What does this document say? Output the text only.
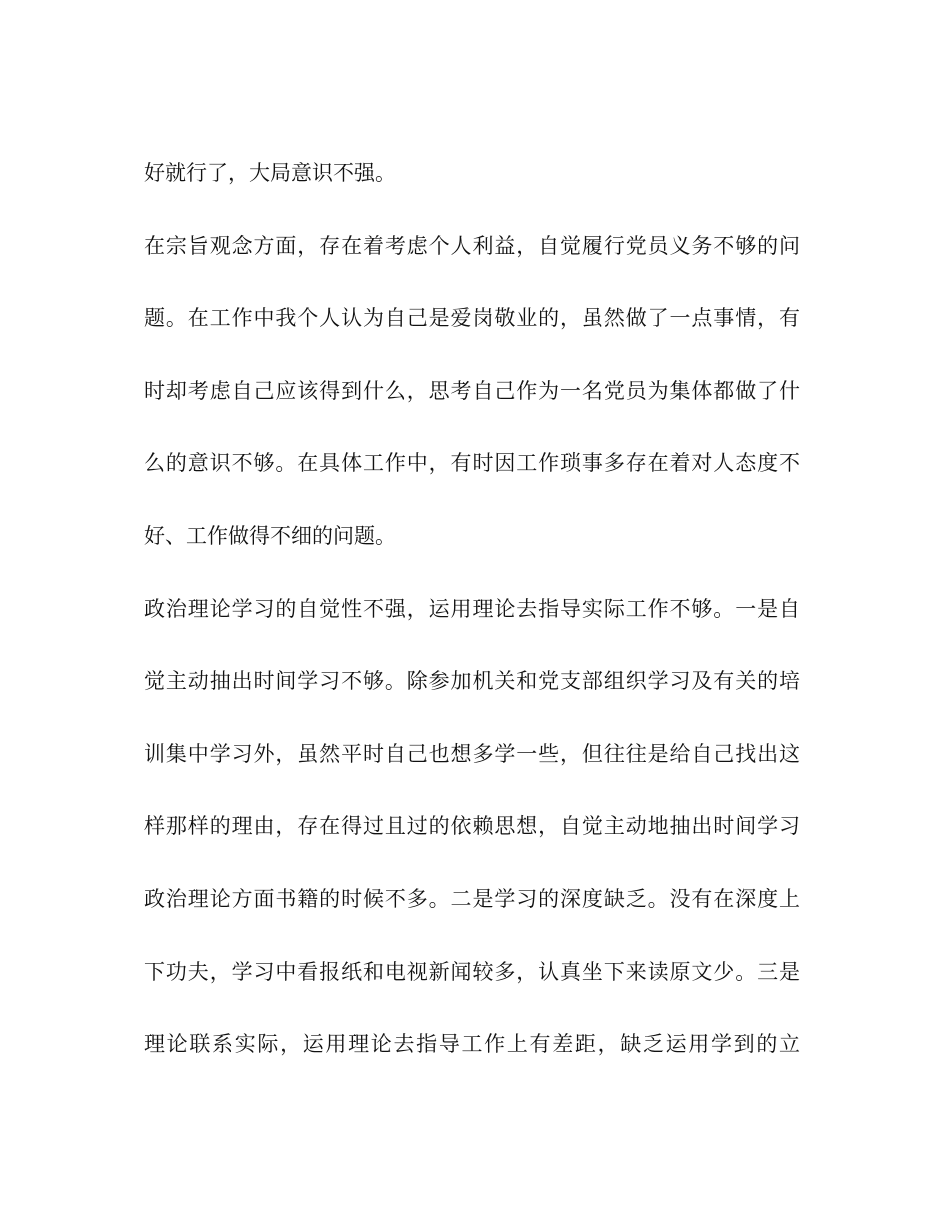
好就行了，大局意识不强。
在宗旨观念方面，存在着考虑个人利益，自觉履行党员义务不够的问
题。在工作中我个人认为自己是爱岗敬业的，虽然做了一点事情，有
时却考虑自己应该得到什么，思考自己作为一名党员为集体都做了什
么的意识不够。在具体工作中，有时因工作琐事多存在着对人态度不
好、工作做得不细的问题。
政治理论学习的自觉性不强，运用理论去指导实际工作不够。一是自
觉主动抽出时间学习不够。除参加机关和党支部组织学习及有关的培
训集中学习外，虽然平时自己也想多学一些，但往往是给自己找出这
样那样的理由，存在得过且过的依赖思想，自觉主动地抽出时间学习
政治理论方面书籍的时候不多。二是学习的深度缺乏。没有在深度上
下功夫，学习中看报纸和电视新闻较多，认真坐下来读原文少。三是
理论联系实际，运用理论去指导工作上有差距，缺乏运用学到的立
